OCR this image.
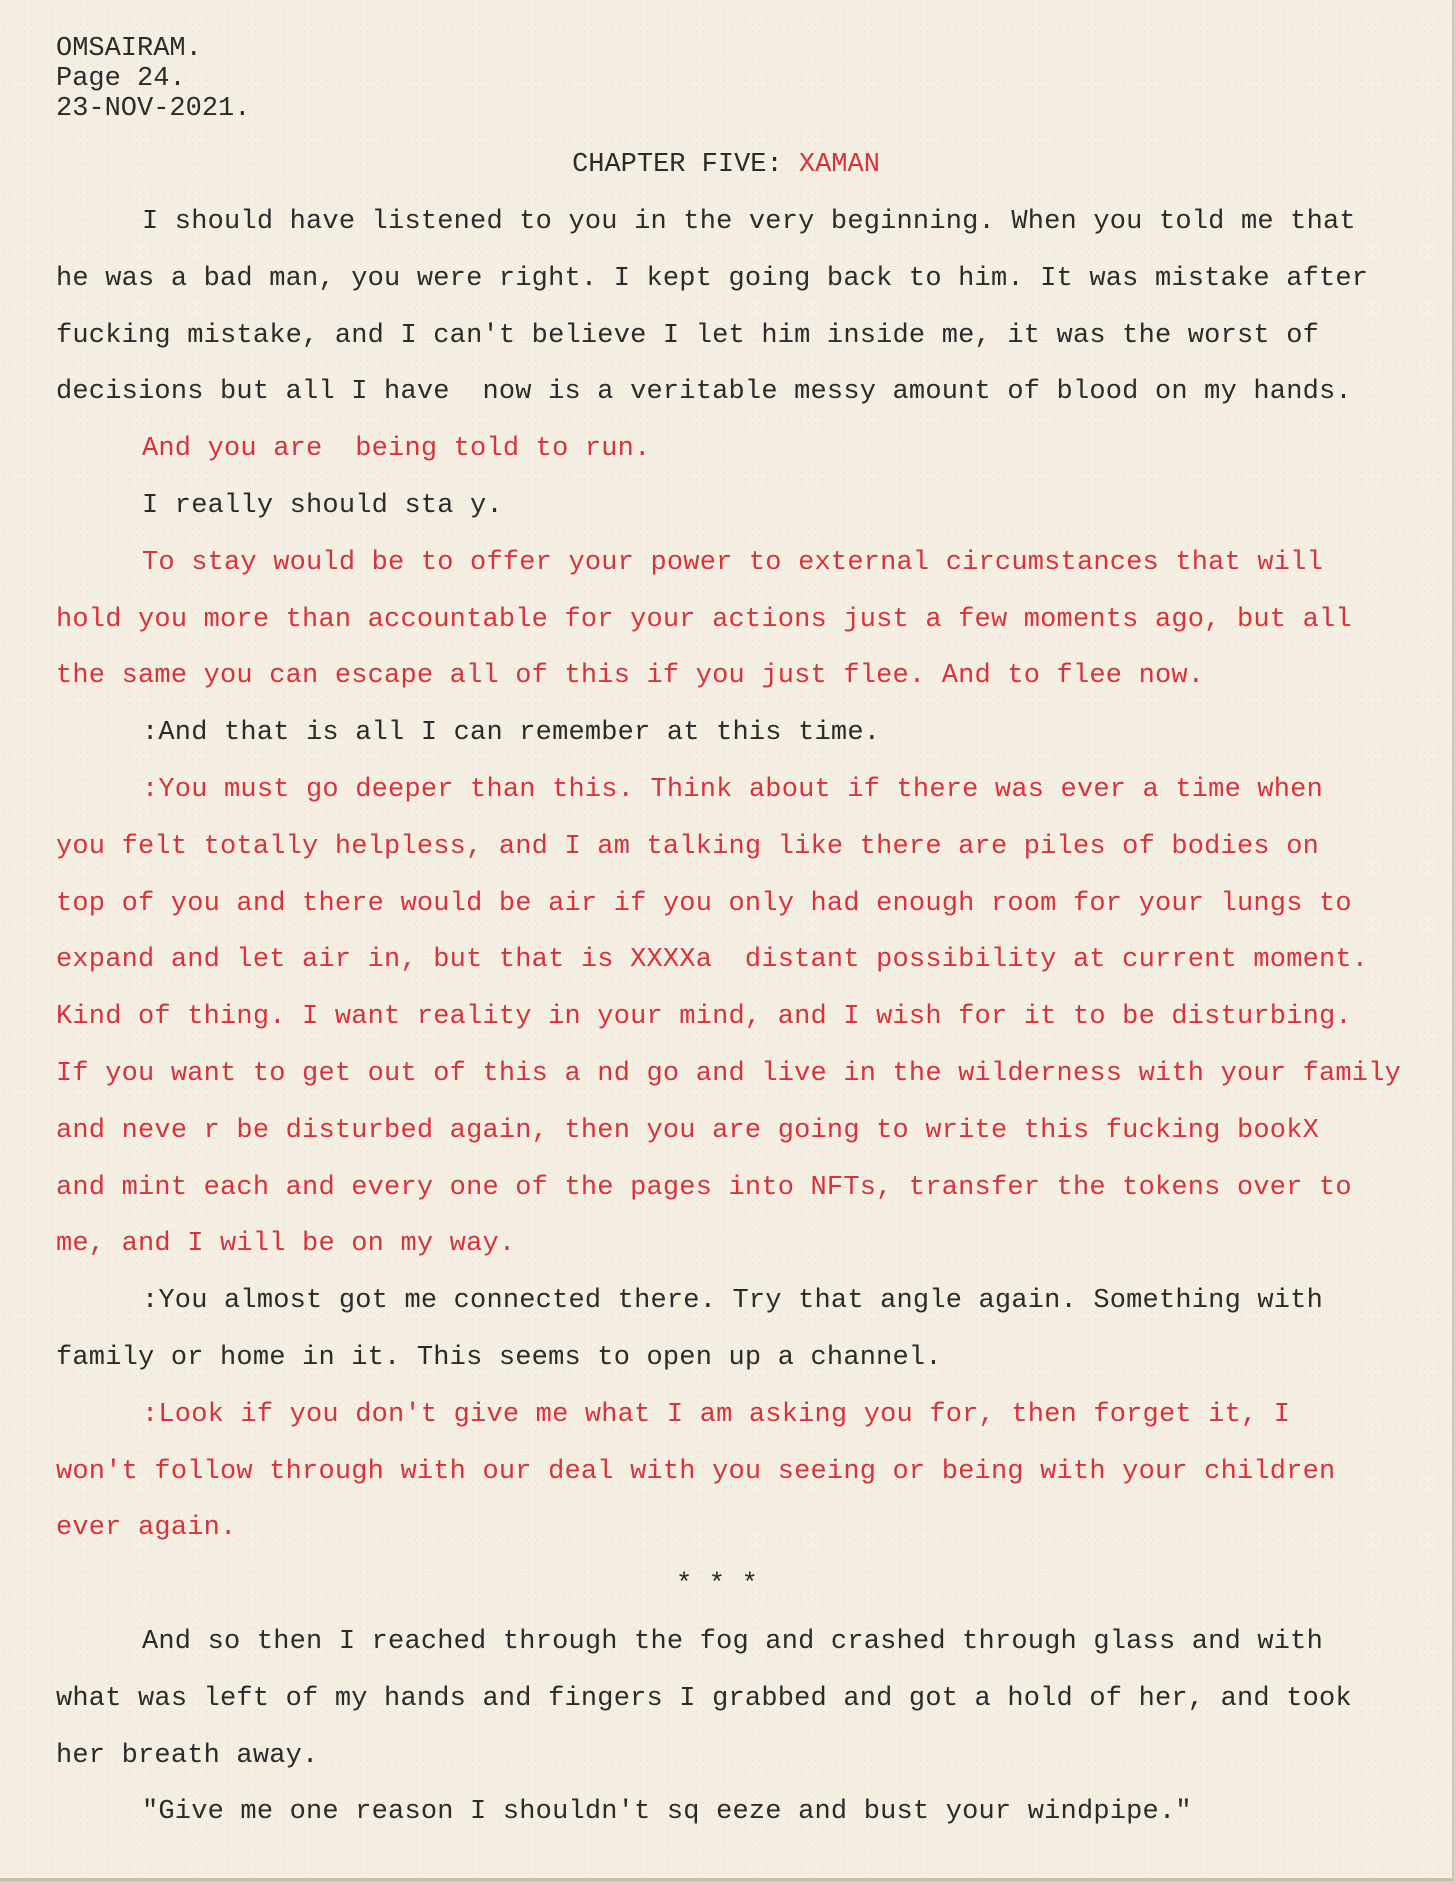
OMSAIRAM.
Page 24.
23-NOV-2021.
CHAPTER FIVE: XAMAN
I should have listened to you in the very beginning. When you told me that
he was a bad man, you were right. I kept going back to him. It was mistake after
fucking mistake, and I can't believe I let him inside me, it was the worst of
decisions but all I have  now is a veritable messy amount of blood on my hands.
And you are  being told to run.
I really should sta y.
To stay would be to offer your power to external circumstances that will
hold you more than accountable for your actions just a few moments ago, but all
the same you can escape all of this if you just flee. And to flee now.
:And that is all I can remember at this time.
:You must go deeper than this. Think about if there was ever a time when
you felt totally helpless, and I am talking like there are piles of bodies on
top of you and there would be air if you only had enough room for your lungs to
expand and let air in, but that is XXXXa  distant possibility at current moment.
Kind of thing. I want reality in your mind, and I wish for it to be disturbing.
If you want to get out of this a nd go and live in the wilderness with your family
and neve r be disturbed again, then you are going to write this fucking bookX
and mint each and every one of the pages into NFTs, transfer the tokens over to
me, and I will be on my way.
:You almost got me connected there. Try that angle again. Something with
family or home in it. This seems to open up a channel.
:Look if you don't give me what I am asking you for, then forget it, I
won't follow through with our deal with you seeing or being with your children
ever again.
* * *
And so then I reached through the fog and crashed through glass and with
what was left of my hands and fingers I grabbed and got a hold of her, and took
her breath away.
"Give me one reason I shouldn't sq eeze and bust your windpipe."
